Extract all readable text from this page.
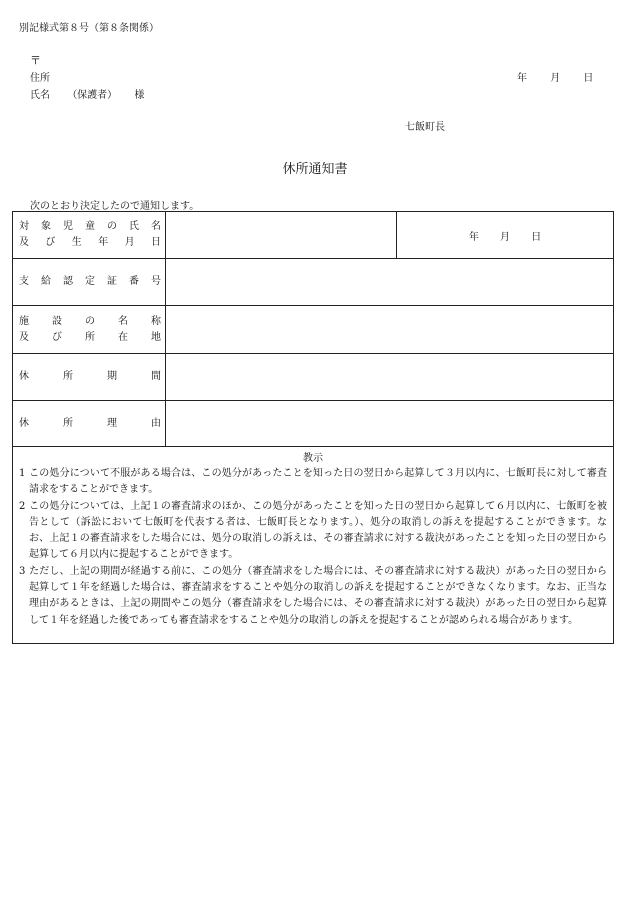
別記様式第８号（第８条関係）
〒
住所	年 月 日
氏名 （保護者） 様
七飯町長
休所通知書
次のとおり決定したので通知します。
対 象 児 童 の 氏 名
及 び 生 年 月 日		年 月 日

支 給 認 定 証 番 号		

施 設 の 名 称
及 び 所 在 地		

休 所 期 間		

休 所 理 由		

教示

1 この処分について不服がある場合は、この処分があったことを知った日の翌日から起算して３月以内に、七飯町長に対して審査請求をすることができます。

2 この処分については、上記１の審査請求のほか、この処分があったことを知った日の翌日から起算して６月以内に、七飯町を被告として（訴訟において七飯町を代表する者は、七飯町長となります。）、処分の取消しの訴えを提起することができます。なお、上記１の審査請求をした場合には、処分の取消しの訴えは、その審査請求に対する裁決があったことを知った日の翌日から起算して６月以内に提起することができます。

3 ただし、上記の期間が経過する前に、この処分（審査請求をした場合には、その審査請求に対する裁決）があった日の翌日から起算して１年を経過した場合は、審査請求をすることや処分の取消しの訴えを提起することができなくなります。なお、正当な理由があるときは、上記の期間やこの処分（審査請求をした場合には、その審査請求に対する裁決）があった日の翌日から起算して１年を経過した後であっても審査請求をすることや処分の取消しの訴えを提起することが認められる場合があります。		
